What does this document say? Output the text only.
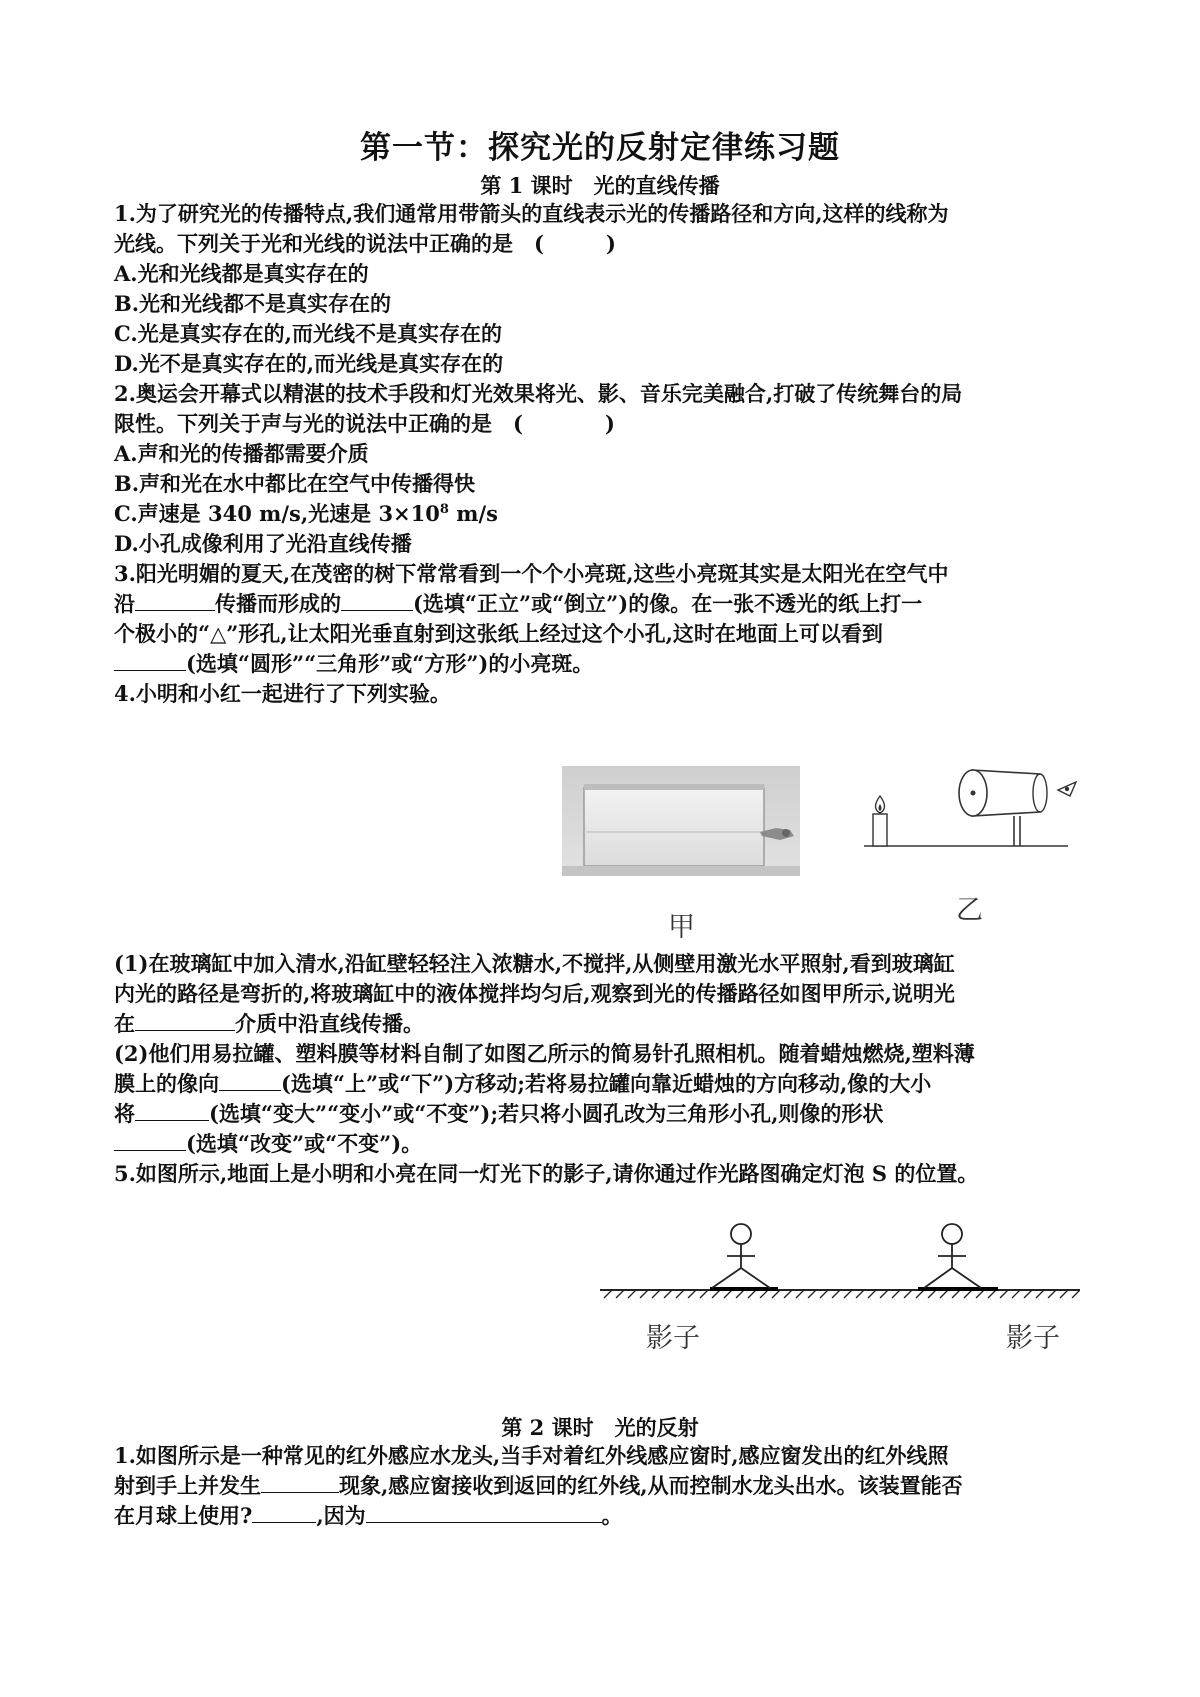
第一节：探究光的反射定律练习题
第 1 课时　光的直线传播
1.为了研究光的传播特点,我们通常用带箭头的直线表示光的传播路径和方向,这样的线称为
光线。下列关于光和光线的说法中正确的是　(	)
A.光和光线都是真实存在的
B.光和光线都不是真实存在的
C.光是真实存在的,而光线不是真实存在的
D.光不是真实存在的,而光线是真实存在的
2.奥运会开幕式以精湛的技术手段和灯光效果将光、影、音乐完美融合,打破了传统舞台的局
限性。下列关于声与光的说法中正确的是　(	)
A.声和光的传播都需要介质
B.声和光在水中都比在空气中传播得快
C.声速是 340 m/s,光速是 $3\times 10^8$ m/s
D.小孔成像利用了光沿直线传播
3.阳光明媚的夏天,在茂密的树下常常看到一个个小亮斑,这些小亮斑其实是太阳光在空气中
沿	传播而形成的	(选填“正立”或“倒立”)的像。在一张不透光的纸上打一
个极小的“△”形孔,让太阳光垂直射到这张纸上经过这个小孔,这时在地面上可以看到
(选填“圆形”“三角形”或“方形”)的小亮斑。
4.小明和小红一起进行了下列实验。
甲
乙
(1)在玻璃缸中加入清水,沿缸壁轻轻注入浓糖水,不搅拌,从侧壁用激光水平照射,看到玻璃缸
内光的路径是弯折的,将玻璃缸中的液体搅拌均匀后,观察到光的传播路径如图甲所示,说明光
在	介质中沿直线传播。
(2)他们用易拉罐、塑料膜等材料自制了如图乙所示的简易针孔照相机。随着蜡烛燃烧,塑料薄
膜上的像向	(选填“上”或“下”)方移动;若将易拉罐向靠近蜡烛的方向移动,像的大小
将	(选填“变大”“变小”或“不变”);若只将小圆孔改为三角形小孔,则像的形状
(选填“改变”或“不变”)。
5.如图所示,地面上是小明和小亮在同一灯光下的影子,请你通过作光路图确定灯泡 S 的位置。
影子	影子
第 2 课时　光的反射
1.如图所示是一种常见的红外感应水龙头,当手对着红外线感应窗时,感应窗发出的红外线照
射到手上并发生	现象,感应窗接收到返回的红外线,从而控制水龙头出水。该装置能否
在月球上使用?	,因为	。
